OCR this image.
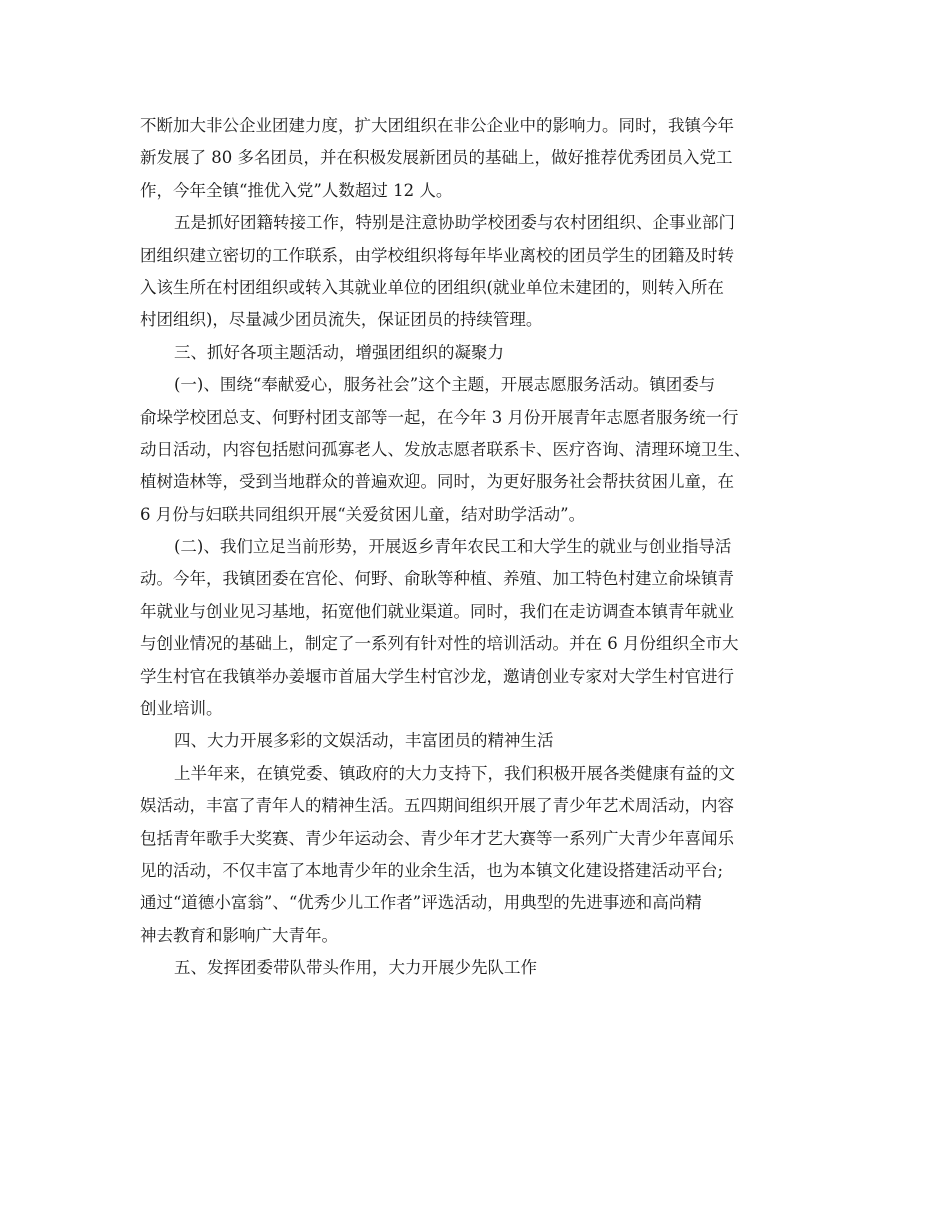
不断加大非公企业团建力度，扩大团组织在非公企业中的影响力。同时，我镇今年
新发展了 80 多名团员，并在积极发展新团员的基础上，做好推荐优秀团员入党工
作，今年全镇“推优入党”人数超过 12 人。
五是抓好团籍转接工作，特别是注意协助学校团委与农村团组织、企事业部门
团组织建立密切的工作联系，由学校组织将每年毕业离校的团员学生的团籍及时转
入该生所在村团组织或转入其就业单位的团组织(就业单位未建团的，则转入所在
村团组织)，尽量减少团员流失，保证团员的持续管理。
三、抓好各项主题活动，增强团组织的凝聚力
(一)、围绕“奉献爱心，服务社会”这个主题，开展志愿服务活动。镇团委与
俞垛学校团总支、何野村团支部等一起，在今年 3 月份开展青年志愿者服务统一行
动日活动，内容包括慰问孤寡老人、发放志愿者联系卡、医疗咨询、清理环境卫生、
植树造林等，受到当地群众的普遍欢迎。同时，为更好服务社会帮扶贫困儿童，在
6 月份与妇联共同组织开展“关爱贫困儿童，结对助学活动”。
(二)、我们立足当前形势，开展返乡青年农民工和大学生的就业与创业指导活
动。今年，我镇团委在宫伦、何野、俞耿等种植、养殖、加工特色村建立俞垛镇青
年就业与创业见习基地，拓宽他们就业渠道。同时，我们在走访调查本镇青年就业
与创业情况的基础上，制定了一系列有针对性的培训活动。并在 6 月份组织全市大
学生村官在我镇举办姜堰市首届大学生村官沙龙，邀请创业专家对大学生村官进行
创业培训。
四、大力开展多彩的文娱活动，丰富团员的精神生活
上半年来，在镇党委、镇政府的大力支持下，我们积极开展各类健康有益的文
娱活动，丰富了青年人的精神生活。五四期间组织开展了青少年艺术周活动，内容
包括青年歌手大奖赛、青少年运动会、青少年才艺大赛等一系列广大青少年喜闻乐
见的活动，不仅丰富了本地青少年的业余生活，也为本镇文化建设搭建活动平台;
通过“道德小富翁”、“优秀少儿工作者”评选活动，用典型的先进事迹和高尚精
神去教育和影响广大青年。
五、发挥团委带队带头作用，大力开展少先队工作
